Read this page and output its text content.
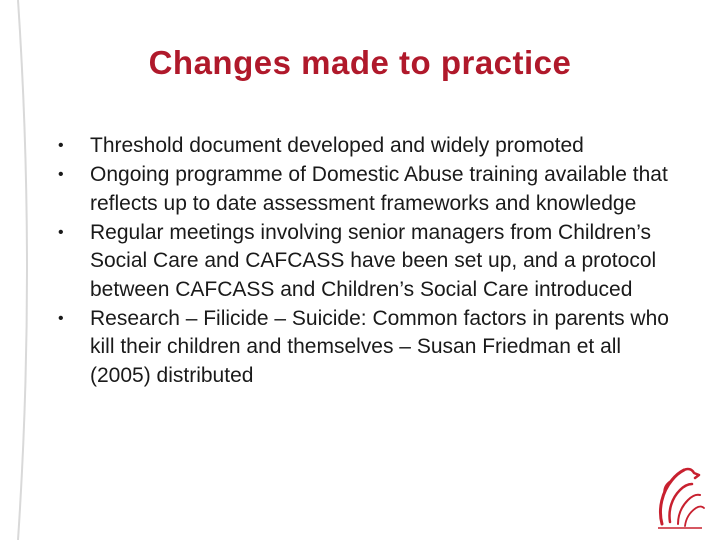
Changes made to practice
• Threshold document developed and widely promoted
• Ongoing programme of Domestic Abuse training available that reflects up to date assessment frameworks and knowledge
• Regular meetings involving senior managers from Children’s Social Care and CAFCASS have been set up, and a protocol between CAFCASS and Children’s Social Care introduced
• Research – Filicide – Suicide: Common factors in parents who kill their children and themselves – Susan Friedman et all (2005) distributed
